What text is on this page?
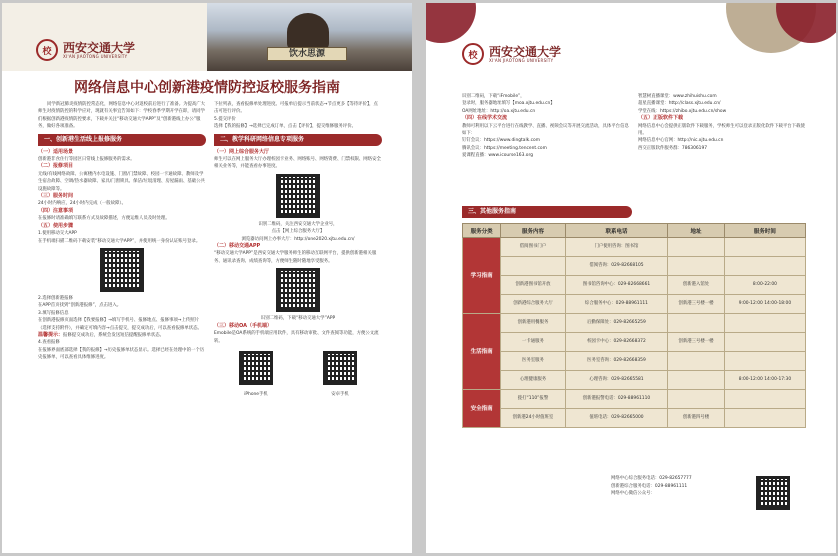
校 西安交通大学
XI'AN JIAOTONG UNIVERSITY	饮水思源
网络信息中心创新港疫情防控返校服务指南

同学新冠肺炎疫情防控常态化，网络信息中心对返校前后进行了准备。为提高广大师生对疫情防控的科学应对，现就有关事宜告知如下：学校春季学期开学在即，请同学们根据创新港疫情防控要求，下载并关注“移动交通大学APP”及“创新港线上办公”服务，做好各项准备。

一、创新港生活线上报修服务
（一）适用场景

创新港非食住行等园区日常线上报修服务的需求。

（二）报修项目

无线/有线网络故障、公寓楼内水电设施、门窗/门禁故障、校园一卡通故障、教师及学生宿舍故障、空调/热水器故障、家具/门窗锁具、保洁/垃圾清理、房屋漏雨、基础公共设施故障等。

（三）服务时间

24小时内响应，24小时内完成（一般故障）。

（四）注意事项

在报修时请准确填写联系方式及故障描述，方便运维人员及时处理。

（五）使用步骤

1.使用移动交大APP

在手机端扫描二维码下载安装“移动交通大学APP”，并使用统一身份认证账号登录。

2.选择创新港报修

在APP首页找到“创新港报修”，点击进入。

3.填写报修信息

在创新港报修页面选择【我要报修】→填写手机号、报修地点、报修事项→上传照片（选择支持附件），并确定可填内容→点击提交，提交成功后，可以查看报修单状态。

温馨提示：报修提交成功后，系统会发送短信提醒报修单状态。

4.查看报修

在报修界面底部选择【我的报修】→历史报修单状态显示。选择已经在处理中的一个历史报修单，可以查看具体维修进度。

下拉列表，查看报修单处理进度。可报单后提示当前状态→节点更多【等待评价】，点击可进行评价。

5.提交评价

选择【我的报修】→选择已完成订单，点击【评价】，提交维修服务评价。

二、教学科研网络信息专项服务
（一）网上综合服务大厅

师生可以在网上服务大厅办理校园卡业务、网络账号、网络资费、门禁权限、网络安全相关业务等，并能查看办事进度。

识别二维码，关注西安交通大学企业号，

点击【网上综合服务大厅】

浏览器访问网上办事大厅：http://one2020.xjtu.edu.cn/

（二）移动交通APP

“移动交通大学APP”是西安交通大学服务师生的移动互联网平台，提供创新港相关服务、通讯录查询、成绩查询等，方便师生随时随地享受服务。

识别二维码，下载“移动交通大学”APP

（三）移动OA（手机端）

Emobile是OA系统的手机端应用软件，具有移动审批、文件查阅等功能，方便公文流转。

iPhone手机	安卓手机

校 西安交通大学
XI'AN JIAOTONG UNIVERSITY

识别二维码，下载“iFmobile”，

登录时，服务器地址填写【moa.xjtu.edu.cn】

OA网址地址：http://oa.xjtu.edu.cn

（四）在线学术交流

教师可利用以下云平台进行在线教学、直播、视频会议等开展交流活动，具体平台信息如下：

钉钉会议：https://www.dingtalk.com

腾讯会议：https://meeting.tencent.com

爱课程直播：www.icourse163.org

智慧树直播课堂：www.zhihuishu.com

超星直播课堂：http://class.xjtu.edu.cn/

学堂在线：https://zhibo.xjtu.edu.cn/show

（五）正版软件下载

网络信息中心会提供正版软件下载服务，学校师生可以登录正版化软件下载平台下载使用。

网络信息中心官网：http://nic.xjtu.edu.cn

西交正版软件服务群：786306197

三、其他服务指南
服务分类	服务内容	联系电话	地址	服务时间
学习指南	借阅图书门户	门户使用咨询：图书馆		
		借阅咨询：029-82668105		
	创新港图书馆开放	图书馆咨询中心：029-82668661	创新港入馆处	8:00-22:00
	创新港综合服务大厅	综合服务中心：029-88961111	创新港三号楼一楼	9:00-12:00 14:00-18:00
生活指南	创新港用餐服务	后勤保障处：029-82665259		
	一卡通服务	校园卡中心：029-82668372	创新港三号楼一楼	
	医务室服务	医务室咨询：029-82668359		
	心理健康服务	心理咨询：029-82665581		8:00-12:00 14:00-17:30
安全指南	拨打“110”报警	创新港报警电话：029-88961110		
	创新港24小时值班室	值班电话：029-82665000	创新港四号楼	

网络中心综合服务电话：029-82657777

创新港综合服务电话：029-88961111

网络中心微信公众号：
